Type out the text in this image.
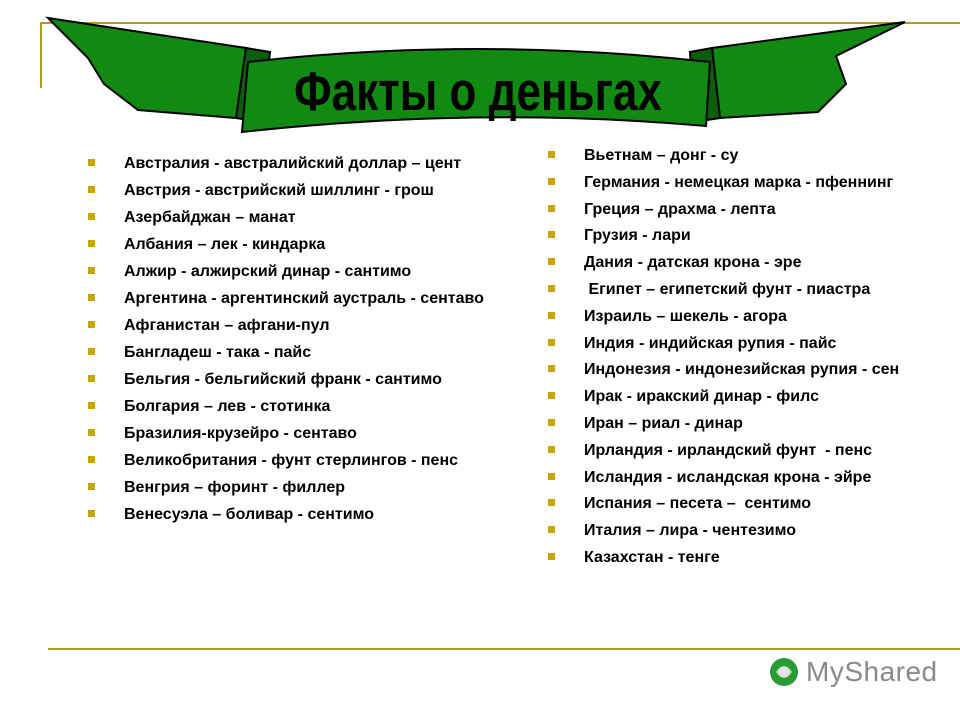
Факты о деньгах
Австралия - австралийский доллар – цент
Австрия - австрийский шиллинг - грош
Азербайджан – манат
Албания – лек - киндарка
Алжир - алжирский динар - сантимо
Аргентина - аргентинский аустраль - сентаво
Афганистан – афгани-пул
Бангладеш - така - пайс
Бельгия - бельгийский франк - сантимо
Болгария – лев - стотинка
Бразилия-крузейро - сентаво
Великобритания - фунт стерлингов - пенс
Венгрия – форинт - филлер
Венесуэла – боливар - сентимо
Вьетнам – донг - су
Германия - немецкая марка - пфеннинг
Греция – драхма - лепта
Грузия - лари
Дания - датская крона - эре
Египет – египетский фунт - пиастра
Израиль – шекель - агора
Индия - индийская рупия - пайс
Индонезия - индонезийская рупия - сен
Ирак - иракский динар - филс
Иран – риал - динар
Ирландия - ирландский фунт  - пенс
Исландия - исландская крона - эйре
Испания – песета –  сентимо
Италия – лира - чентезимо
Казахстан - тенге
MyShared
